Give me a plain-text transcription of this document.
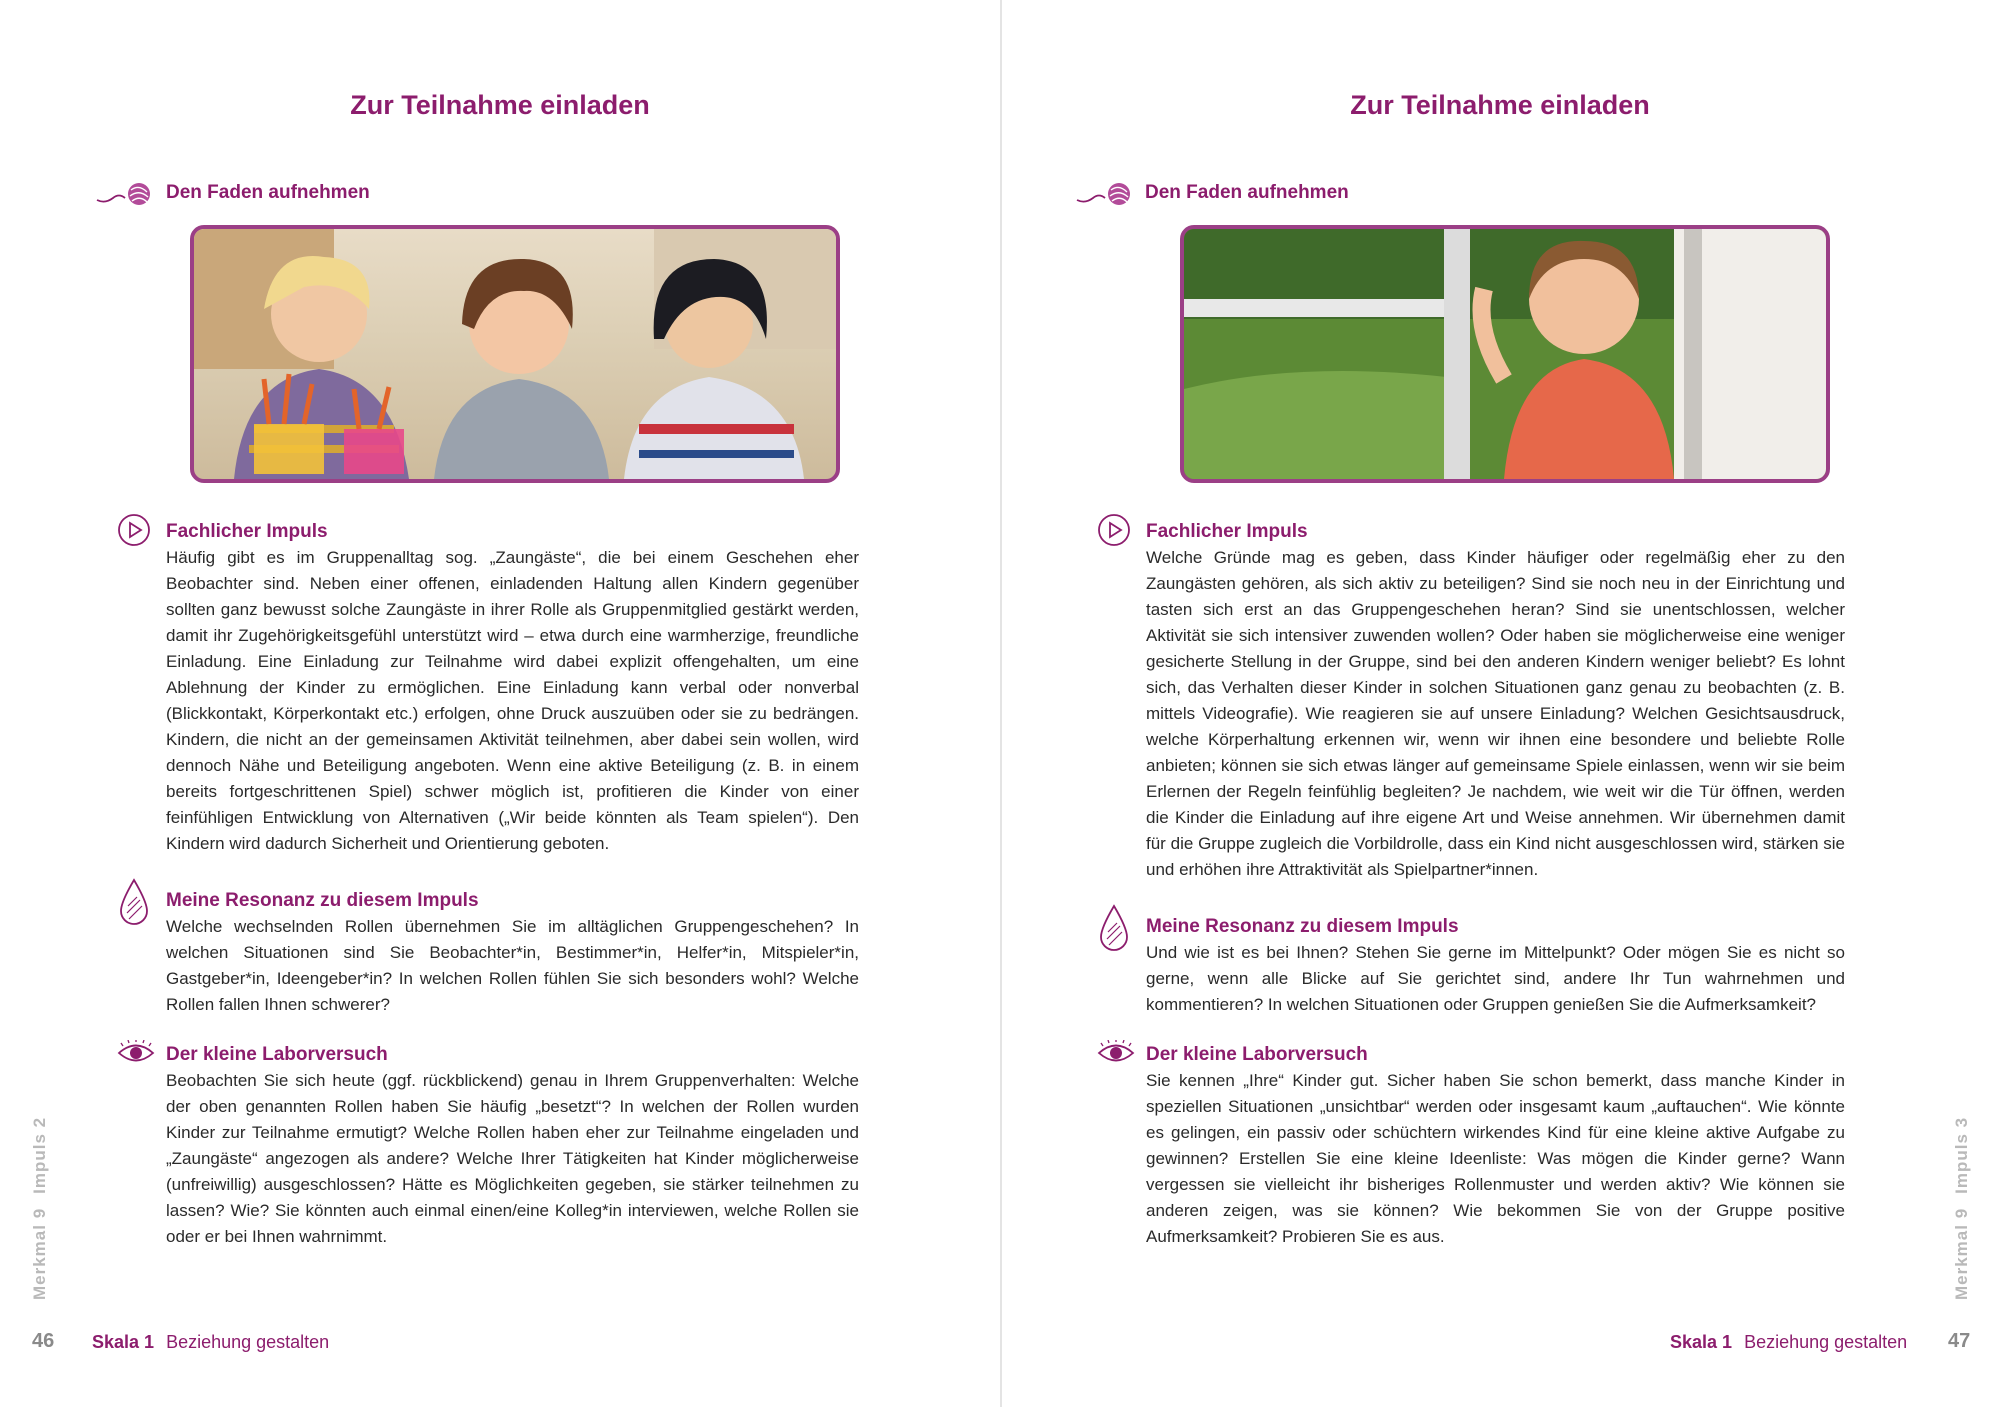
Zur Teilnahme einladen
Den Faden aufnehmen
Fachlicher Impuls
Häufig gibt es im Gruppenalltag sog. „Zaungäste“, die bei einem Geschehen eher Beobachter sind. Neben einer offenen, einladenden Haltung allen Kindern gegenüber sollten ganz bewusst solche Zaungäste in ihrer Rolle als Gruppenmitglied gestärkt werden, damit ihr Zugehörigkeitsgefühl unterstützt wird – etwa durch eine warmherzige, freundliche Einladung. Eine Einladung zur Teilnahme wird dabei explizit offengehalten, um eine Ablehnung der Kinder zu ermöglichen. Eine Einladung kann verbal oder nonverbal (Blickkontakt, Körperkontakt etc.) erfolgen, ohne Druck auszuüben oder sie zu bedrängen. Kindern, die nicht an der gemeinsamen Aktivität teilnehmen, aber dabei sein wollen, wird dennoch Nähe und Beteiligung angeboten. Wenn eine aktive Beteiligung (z. B. in einem bereits fortgeschrittenen Spiel) schwer möglich ist, profitieren die Kinder von einer feinfühligen Entwicklung von Alternativen („Wir beide könnten als Team spielen“). Den Kindern wird dadurch Sicherheit und Orientierung geboten.
Meine Resonanz zu diesem Impuls
Welche wechselnden Rollen übernehmen Sie im alltäglichen Gruppengeschehen? In welchen Situationen sind Sie Beobachter*in, Bestimmer*in, Helfer*in, Mitspieler*in, Gastgeber*in, Ideengeber*in? In welchen Rollen fühlen Sie sich besonders wohl? Welche Rollen fallen Ihnen schwerer?
Der kleine Laborversuch
Beobachten Sie sich heute (ggf. rückblickend) genau in Ihrem Gruppenverhalten: Welche der oben genannten Rollen haben Sie häufig „besetzt“? In welchen der Rollen wurden Kinder zur Teilnahme ermutigt? Welche Rollen haben eher zur Teilnahme eingeladen und „Zaungäste“ angezogen als andere? Welche Ihrer Tätigkeiten hat Kinder möglicherweise (unfreiwillig) ausgeschlossen? Hätte es Möglichkeiten gegeben, sie stärker teilnehmen zu lassen? Wie? Sie könnten auch einmal einen/eine Kolleg*in interviewen, welche Rollen sie oder er bei Ihnen wahrnimmt.
Merkmal 9Impuls 2
46 Skala 1 Beziehung gestalten
Zur Teilnahme einladen
Den Faden aufnehmen
Fachlicher Impuls
Welche Gründe mag es geben, dass Kinder häufiger oder regelmäßig eher zu den Zaungästen gehören, als sich aktiv zu beteiligen? Sind sie noch neu in der Einrichtung und tasten sich erst an das Gruppengeschehen heran? Sind sie unentschlossen, welcher Aktivität sie sich intensiver zuwenden wollen? Oder haben sie möglicherweise eine weniger gesicherte Stellung in der Gruppe, sind bei den anderen Kindern weniger beliebt? Es lohnt sich, das Verhalten dieser Kinder in solchen Situationen ganz genau zu beobachten (z. B. mittels Videografie). Wie reagieren sie auf unsere Einladung? Welchen Gesichtsausdruck, welche Körperhaltung erkennen wir, wenn wir ihnen eine besondere und beliebte Rolle anbieten; können sie sich etwas länger auf gemeinsame Spiele einlassen, wenn wir sie beim Erlernen der Regeln feinfühlig begleiten? Je nachdem, wie weit wir die Tür öffnen, werden die Kinder die Einladung auf ihre eigene Art und Weise annehmen. Wir übernehmen damit für die Gruppe zugleich die Vorbildrolle, dass ein Kind nicht ausgeschlossen wird, stärken sie und erhöhen ihre Attraktivität als Spielpartner*innen.
Meine Resonanz zu diesem Impuls
Und wie ist es bei Ihnen? Stehen Sie gerne im Mittelpunkt? Oder mögen Sie es nicht so gerne, wenn alle Blicke auf Sie gerichtet sind, andere Ihr Tun wahrnehmen und kommentieren? In welchen Situationen oder Gruppen genießen Sie die Aufmerksamkeit?
Der kleine Laborversuch
Sie kennen „Ihre“ Kinder gut. Sicher haben Sie schon bemerkt, dass manche Kinder in speziellen Situationen „unsichtbar“ werden oder insgesamt kaum „auftauchen“. Wie könnte es gelingen, ein passiv oder schüchtern wirkendes Kind für eine kleine aktive Aufgabe zu gewinnen? Erstellen Sie eine kleine Ideenliste: Was mögen die Kinder gerne? Wann vergessen sie vielleicht ihr bisheriges Rollenmuster und werden aktiv? Wie können sie anderen zeigen, was sie können? Wie bekommen Sie von der Gruppe positive Aufmerksamkeit? Probieren Sie es aus.	Merkmal 9Impuls 3
Skala 1 Beziehung gestalten 47
